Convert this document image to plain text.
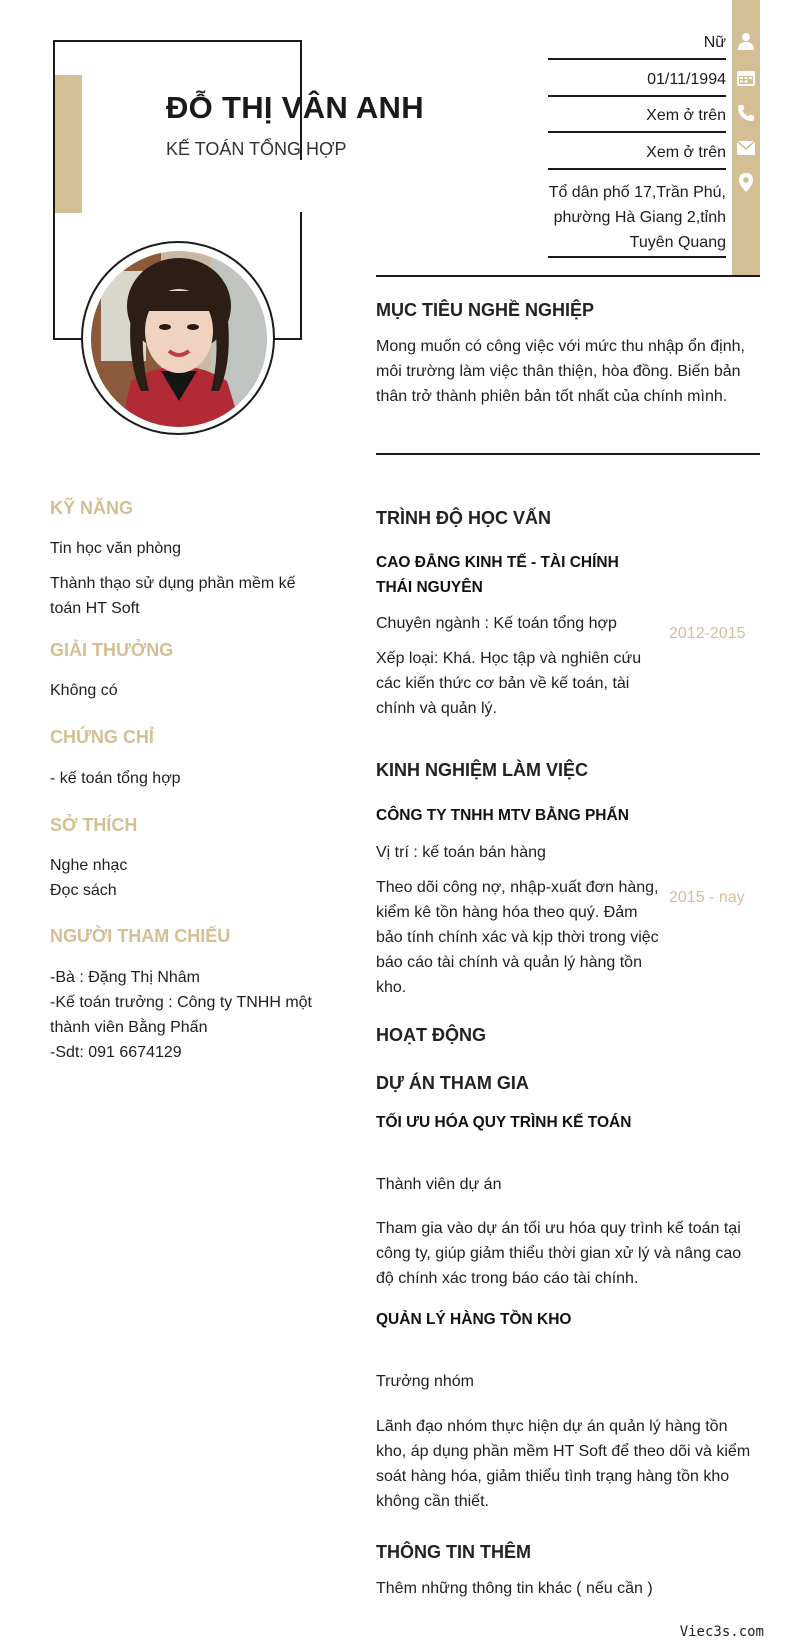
ĐỖ THỊ VÂN ANH
KẾ TOÁN TỔNG HỢP
Nữ
01/11/1994
Xem ở trên
Xem ở trên
Tổ dân phố 17,Trần Phú, phường Hà Giang 2,tỉnh Tuyên Quang
MỤC TIÊU NGHỀ NGHIỆP
Mong muốn có công việc với mức thu nhập ổn định, môi trường làm việc thân thiện, hòa đồng. Biến bản thân trở thành phiên bản tốt nhất của chính mình.
TRÌNH ĐỘ HỌC VẤN
CAO ĐẲNG KINH TẾ - TÀI CHÍNH THÁI NGUYÊN
Chuyên ngành : Kế toán tổng hợp
Xếp loại: Khá. Học tập và nghiên cứu các kiến thức cơ bản về kế toán, tài chính và quản lý.
2012-2015
KINH NGHIỆM LÀM VIỆC
CÔNG TY TNHH MTV BẰNG PHẤN
Vị trí : kế toán bán hàng
Theo dõi công nợ, nhập-xuất đơn hàng, kiểm kê tồn hàng hóa theo quý. Đảm bảo tính chính xác và kịp thời trong việc báo cáo tài chính và quản lý hàng tồn kho.
2015 - nay
HOẠT ĐỘNG
DỰ ÁN THAM GIA
TỐI ƯU HÓA QUY TRÌNH KẾ TOÁN
Thành viên dự án
Tham gia vào dự án tối ưu hóa quy trình kế toán tại công ty, giúp giảm thiểu thời gian xử lý và nâng cao độ chính xác trong báo cáo tài chính.
QUẢN LÝ HÀNG TỒN KHO
Trưởng nhóm
Lãnh đạo nhóm thực hiện dự án quản lý hàng tồn kho, áp dụng phần mềm HT Soft để theo dõi và kiểm soát hàng hóa, giảm thiểu tình trạng hàng tồn kho không cần thiết.
THÔNG TIN THÊM
Thêm những thông tin khác ( nếu cần )
KỸ NĂNG
Tin học văn phòng
Thành thạo sử dụng phần mềm kế toán HT Soft
GIẢI THƯỞNG
Không có
CHỨNG CHỈ
- kế toán tổng hợp
SỞ THÍCH
Nghe nhạc
Đọc sách
NGƯỜI THAM CHIẾU
-Bà : Đặng Thị Nhâm
-Kế toán trưởng : Công ty TNHH một thành viên Bằng Phấn
-Sdt: 091 6674129
Viec3s.com
